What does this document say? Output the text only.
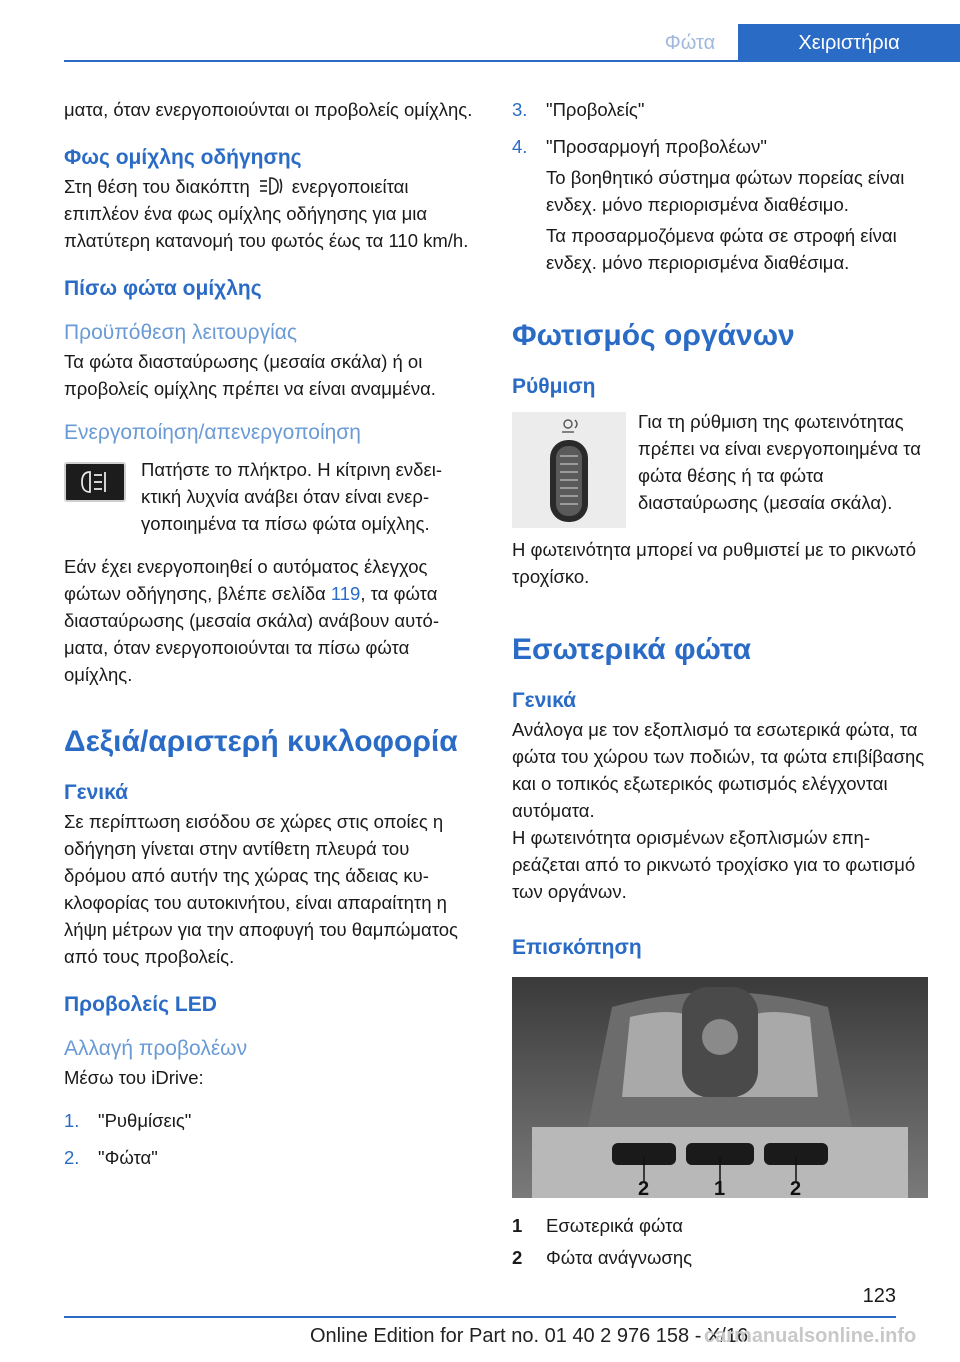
Φώτα	Χειριστήρια

ματα, όταν ενεργοποιούνται οι προβολείς ομίχλης.

Φως ομίχλης οδήγησης

Στη θέση του διακόπτη ενεργοποιείται επιπλέον ένα φως ομίχλης οδήγησης για μια πλατύτερη κατανομή του φωτός έως τα 110 km/h.

Πίσω φώτα ομίχλης
Προϋπόθεση λειτουργίας

Τα φώτα διασταύρωσης (μεσαία σκάλα) ή οι προβολείς ομίχλης πρέπει να είναι αναμμένα.

Ενεργοποίηση/απενεργοποίηση

Πατήστε το πλήκτρο. Η κίτρινη ενδεικτική λυχνία ανάβει όταν είναι ενεργοποιημένα τα πίσω φώτα ομίχλης.

Εάν έχει ενεργοποιηθεί ο αυτόματος έλεγχος φώτων οδήγησης, βλέπε σελίδα 119, τα φώτα διασταύρωσης (μεσαία σκάλα) ανάβουν αυτόματα, όταν ενεργοποιούνται τα πίσω φώτα ομίχλης.

Δεξιά/αριστερή κυκλοφορία
Γενικά

Σε περίπτωση εισόδου σε χώρες στις οποίες η οδήγηση γίνεται στην αντίθετη πλευρά του δρόμου από αυτήν της χώρας της άδειας κυκλοφορίας του αυτοκινήτου, είναι απαραίτητη η λήψη μέτρων για την αποφυγή του θαμπώματος από τους προβολείς.

Προβολείς LED
Αλλαγή προβολέων

Μέσω του iDrive:

1. "Ρυθμίσεις"
2. "Φώτα"
3. "Προβολείς"
4. "Προσαρμογή προβολέων"
Το βοηθητικό σύστημα φώτων πορείας είναι ενδεχ. μόνο περιορισμένα διαθέσιμο.
Τα προσαρμοζόμενα φώτα σε στροφή είναι ενδεχ. μόνο περιορισμένα διαθέσιμα.
Φωτισμός οργάνων
Ρύθμιση

Για τη ρύθμιση της φωτεινότητας πρέπει να είναι ενεργοποιημένα τα φώτα θέσης ή τα φώτα διασταύρωσης (μεσαία σκάλα).

Η φωτεινότητα μπορεί να ρυθμιστεί με το ρικνωτό τροχίσκο.

Εσωτερικά φώτα
Γενικά

Ανάλογα με τον εξοπλισμό τα εσωτερικά φώτα, τα φώτα του χώρου των ποδιών, τα φώτα επιβίβασης και ο τοπικός εξωτερικός φωτισμός ελέγχονται αυτόματα.

Η φωτεινότητα ορισμένων εξοπλισμών επηρεάζεται από το ρικνωτό τροχίσκο για το φωτισμό των οργάνων.

Επισκόπηση
2	1	2
1 Εσωτερικά φώτα
2 Φώτα ανάγνωσης
123
Online Edition for Part no. 01 40 2 976 158 - X/16
carmanualsonline.info
